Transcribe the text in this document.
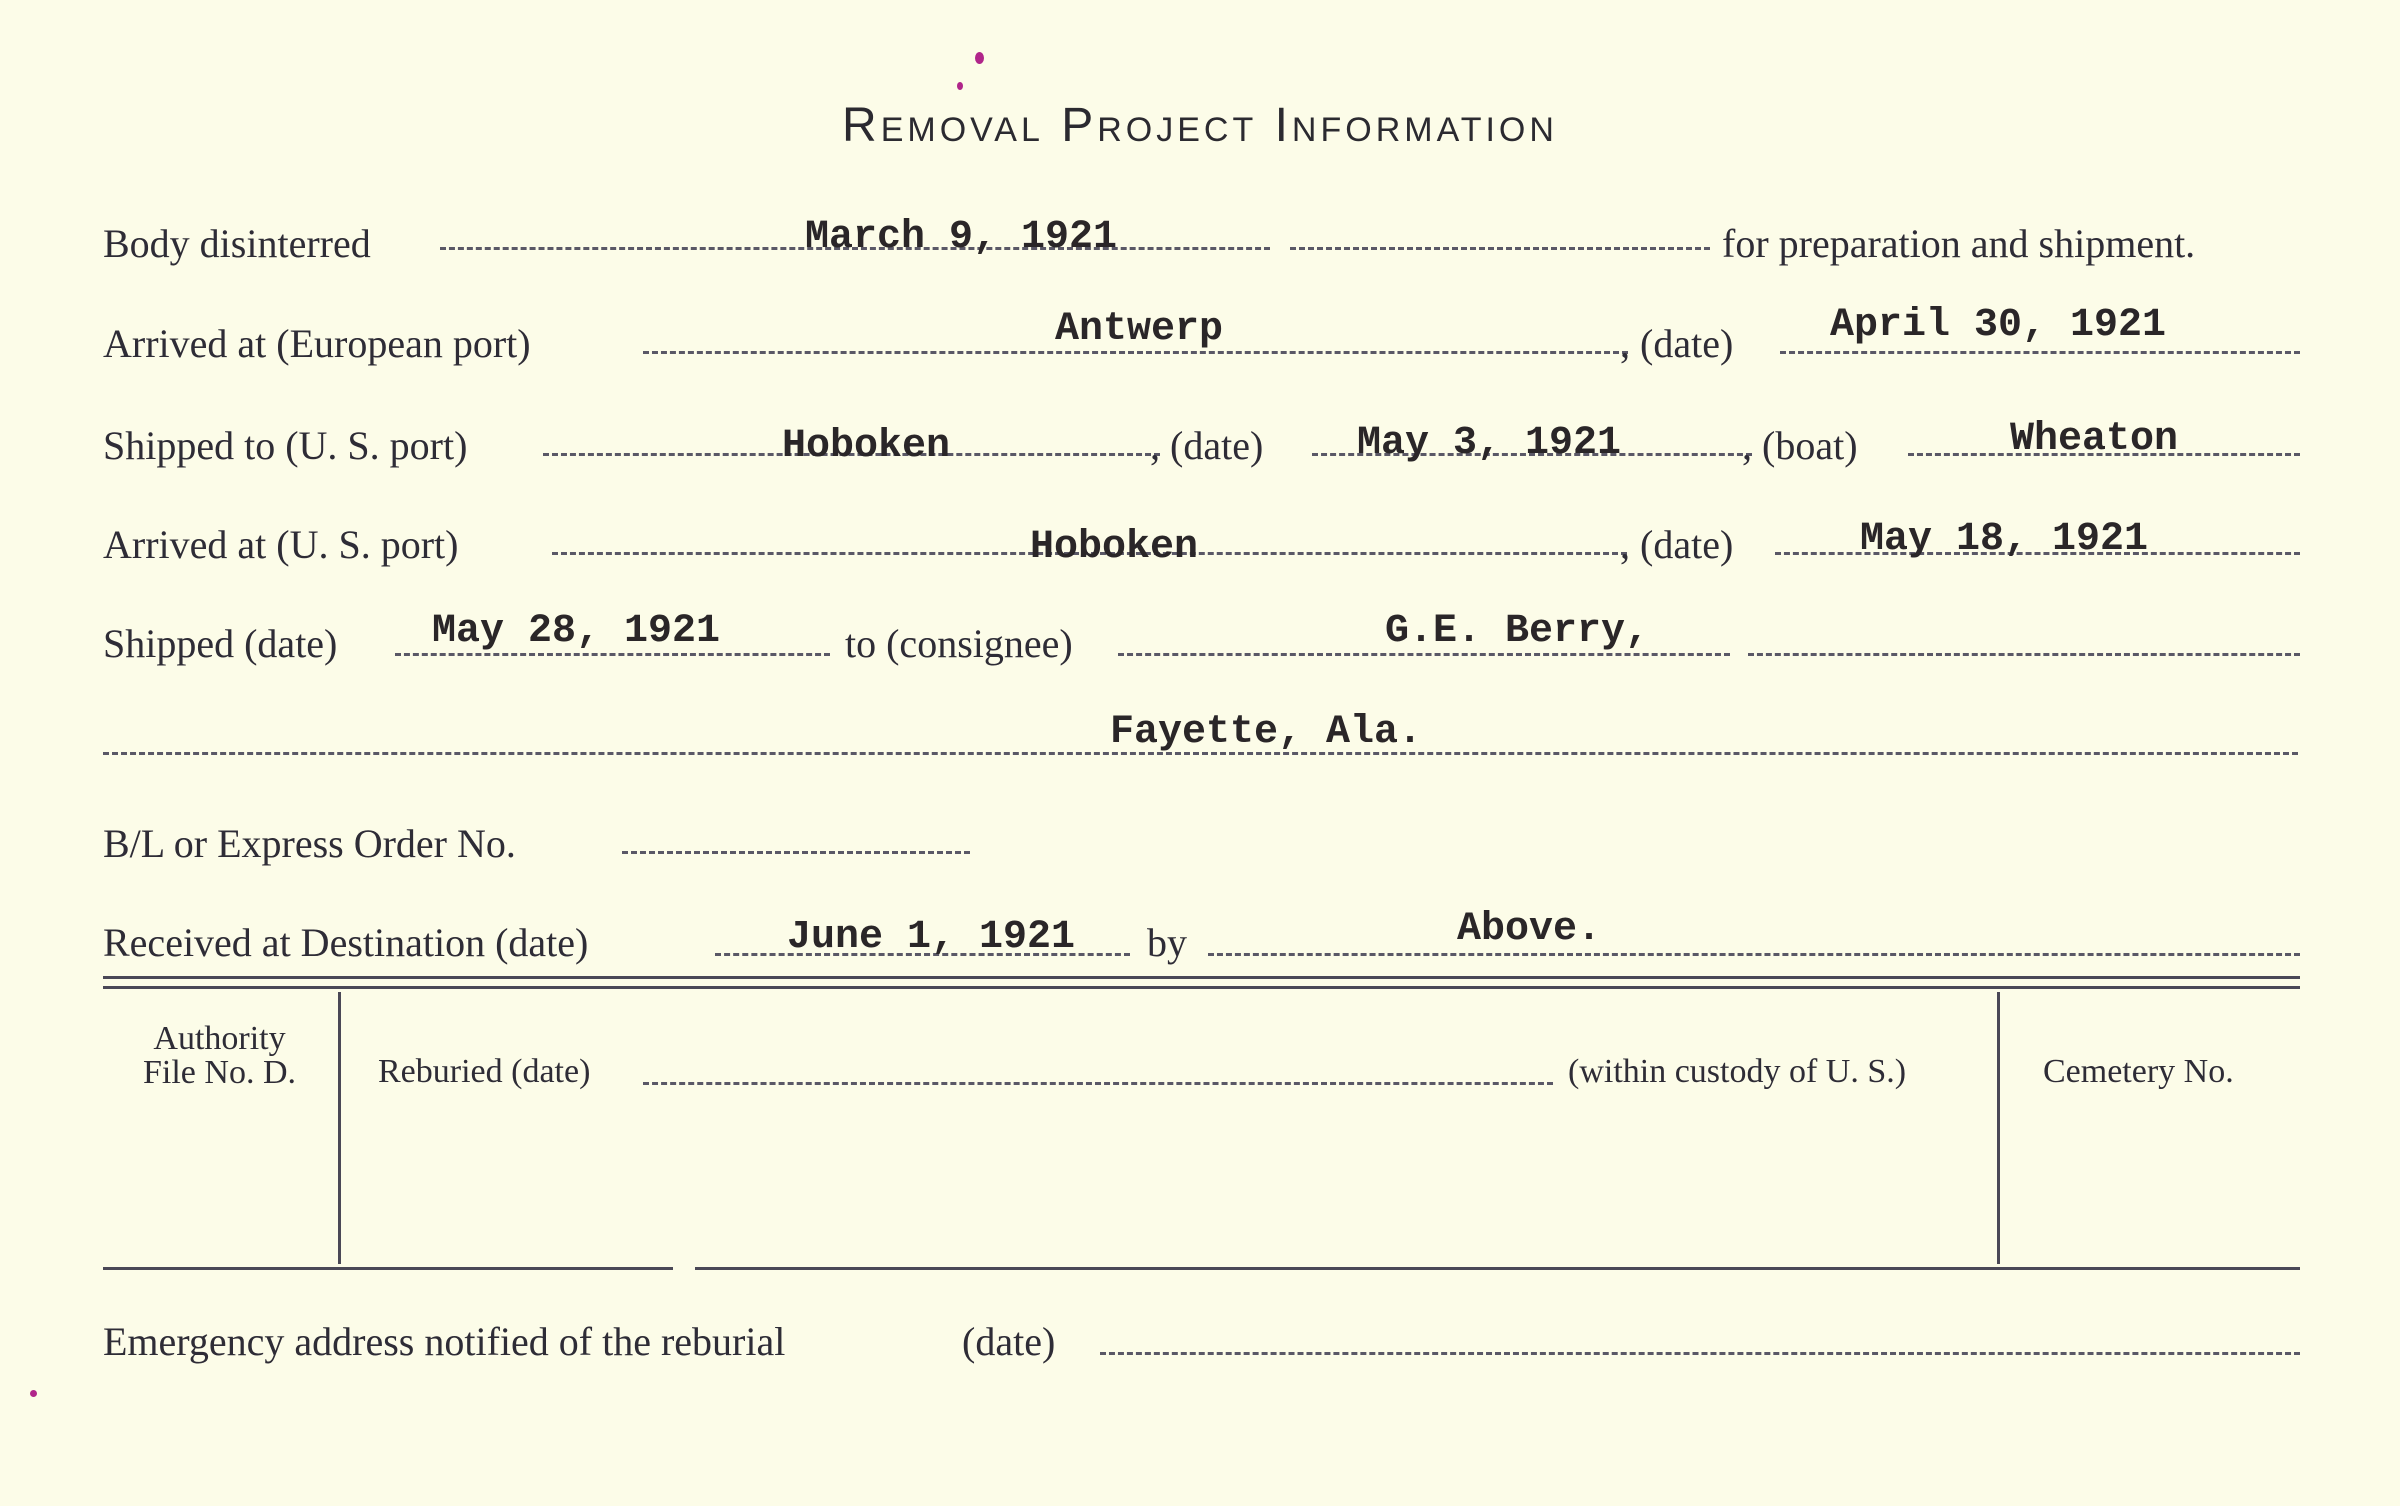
Removal Project Information
Body disinterred	March 9, 1921	for preparation and shipment.
Arrived at (European port)	Antwerp	, (date) April 30, 1921
Shipped to (U. S. port)	Hoboken	, (date) May 3, 1921	, (boat)	Wheaton
Arrived at (U. S. port)	Hoboken	, (date)	May 18, 1921
Shipped (date) May 28, 1921	to (consignee)	G.E. Berry,
Fayette, Ala.
B/L or Express Order No.
Received at Destination (date)	June 1, 1921 by	Above.
Authority
File No. D.	Reburied (date)	(within custody of U. S.)	Cemetery No.
Emergency address notified of the reburial	(date)
